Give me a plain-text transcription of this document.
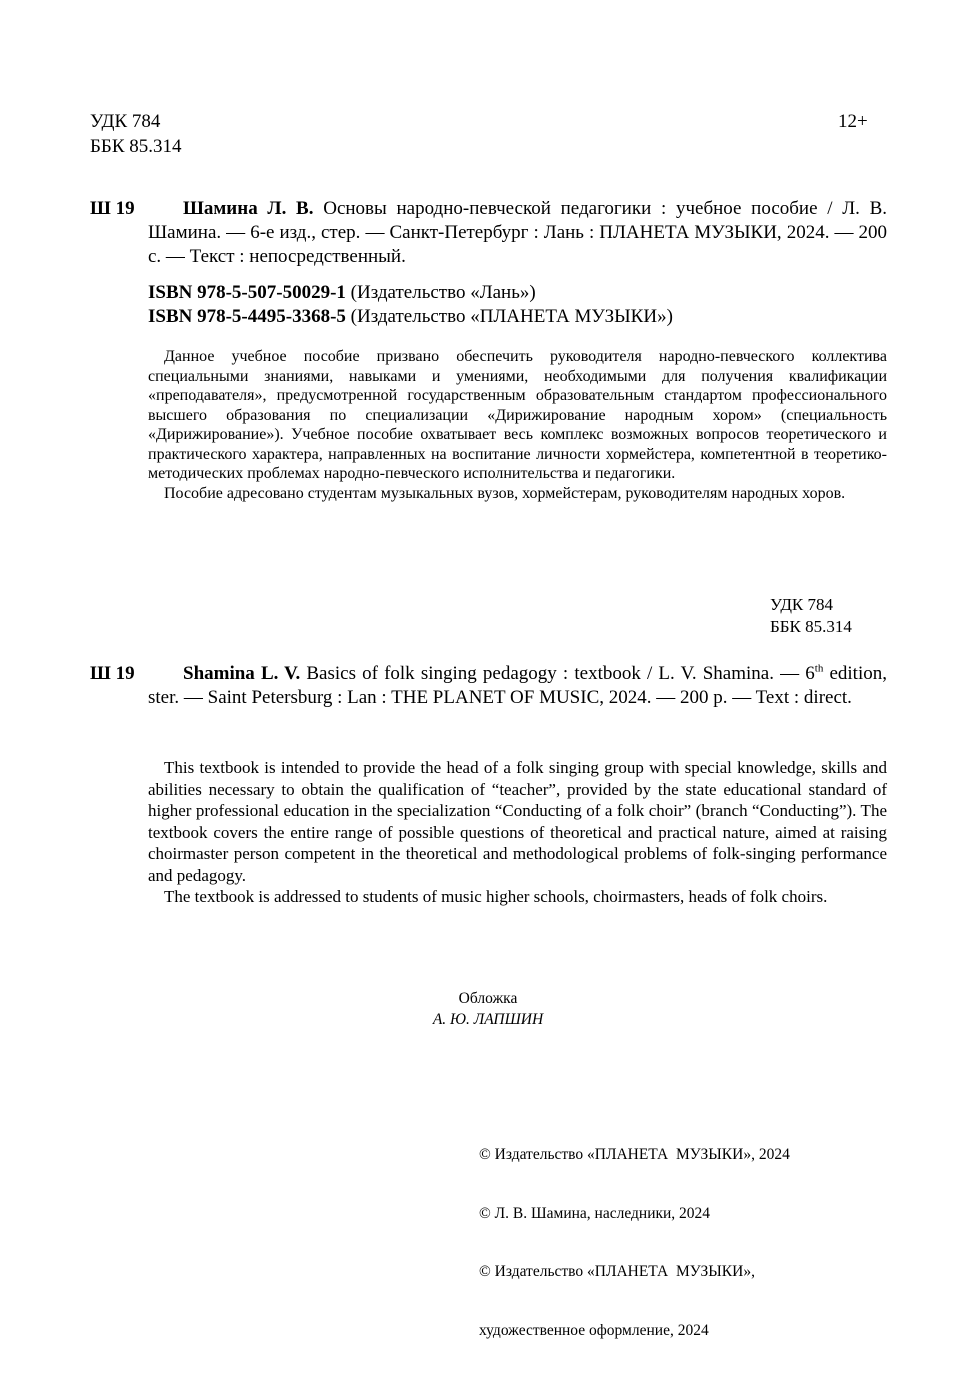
УДК 784
ББК 85.314
12+
Ш 19	Шамина Л. В. Основы народно-певческой педагогики : учебное пособие / Л. В. Шамина. — 6-е изд., стер. — Санкт-Петербург : Лань : ПЛАНЕТА МУЗЫКИ, 2024. — 200 с. — Текст : непосредственный.
ISBN 978-5-507-50029-1 (Издательство «Лань»)
ISBN 978-5-4495-3368-5 (Издательство «ПЛАНЕТА МУЗЫКИ»)

Данное учебное пособие призвано обеспечить руководителя народно-певческого коллектива специальными знаниями, навыками и умениями, необходимыми для получения квалификации «преподавателя», предусмотренной государственным образовательным стандартом профессионального высшего образования по специализации «Дирижирование народным хором» (специальность «Дирижирование»). Учебное пособие охватывает весь комплекс возможных вопросов теоретического и практического характера, направленных на воспитание личности хормейстера, компетентной в теоретико-методических проблемах народно-певческого исполнительства и педагогики.

Пособие адресовано студентам музыкальных вузов, хормейстерам, руководителям народных хоров.

УДК 784
ББК 85.314
Ш 19	Shamina L. V. Basics of folk singing pedagogy : textbook / L. V. Shamina. — 6th edition, ster. — Saint Petersburg : Lan : THE PLANET OF MUSIC, 2024. — 200 p. — Text : direct.

This textbook is intended to provide the head of a folk singing group with special knowledge, skills and abilities necessary to obtain the qualification of “teacher”, provided by the state educational standard of higher professional education in the specialization “Conducting of a folk choir” (branch “Conducting”). The textbook covers the entire range of possible questions of theoretical and practical nature, aimed at raising choirmaster person competent in the theoretical and methodological problems of folk-singing performance and pedagogy.

The textbook is addressed to students of music higher schools, choirmasters, heads of folk choirs.

Обложка
А. Ю. ЛАПШИН

© Издательство «ПЛАНЕТА  МУЗЫКИ», 2024

© Л. В. Шамина, наследники, 2024

© Издательство «ПЛАНЕТА  МУЗЫКИ»,

художественное оформление, 2024
